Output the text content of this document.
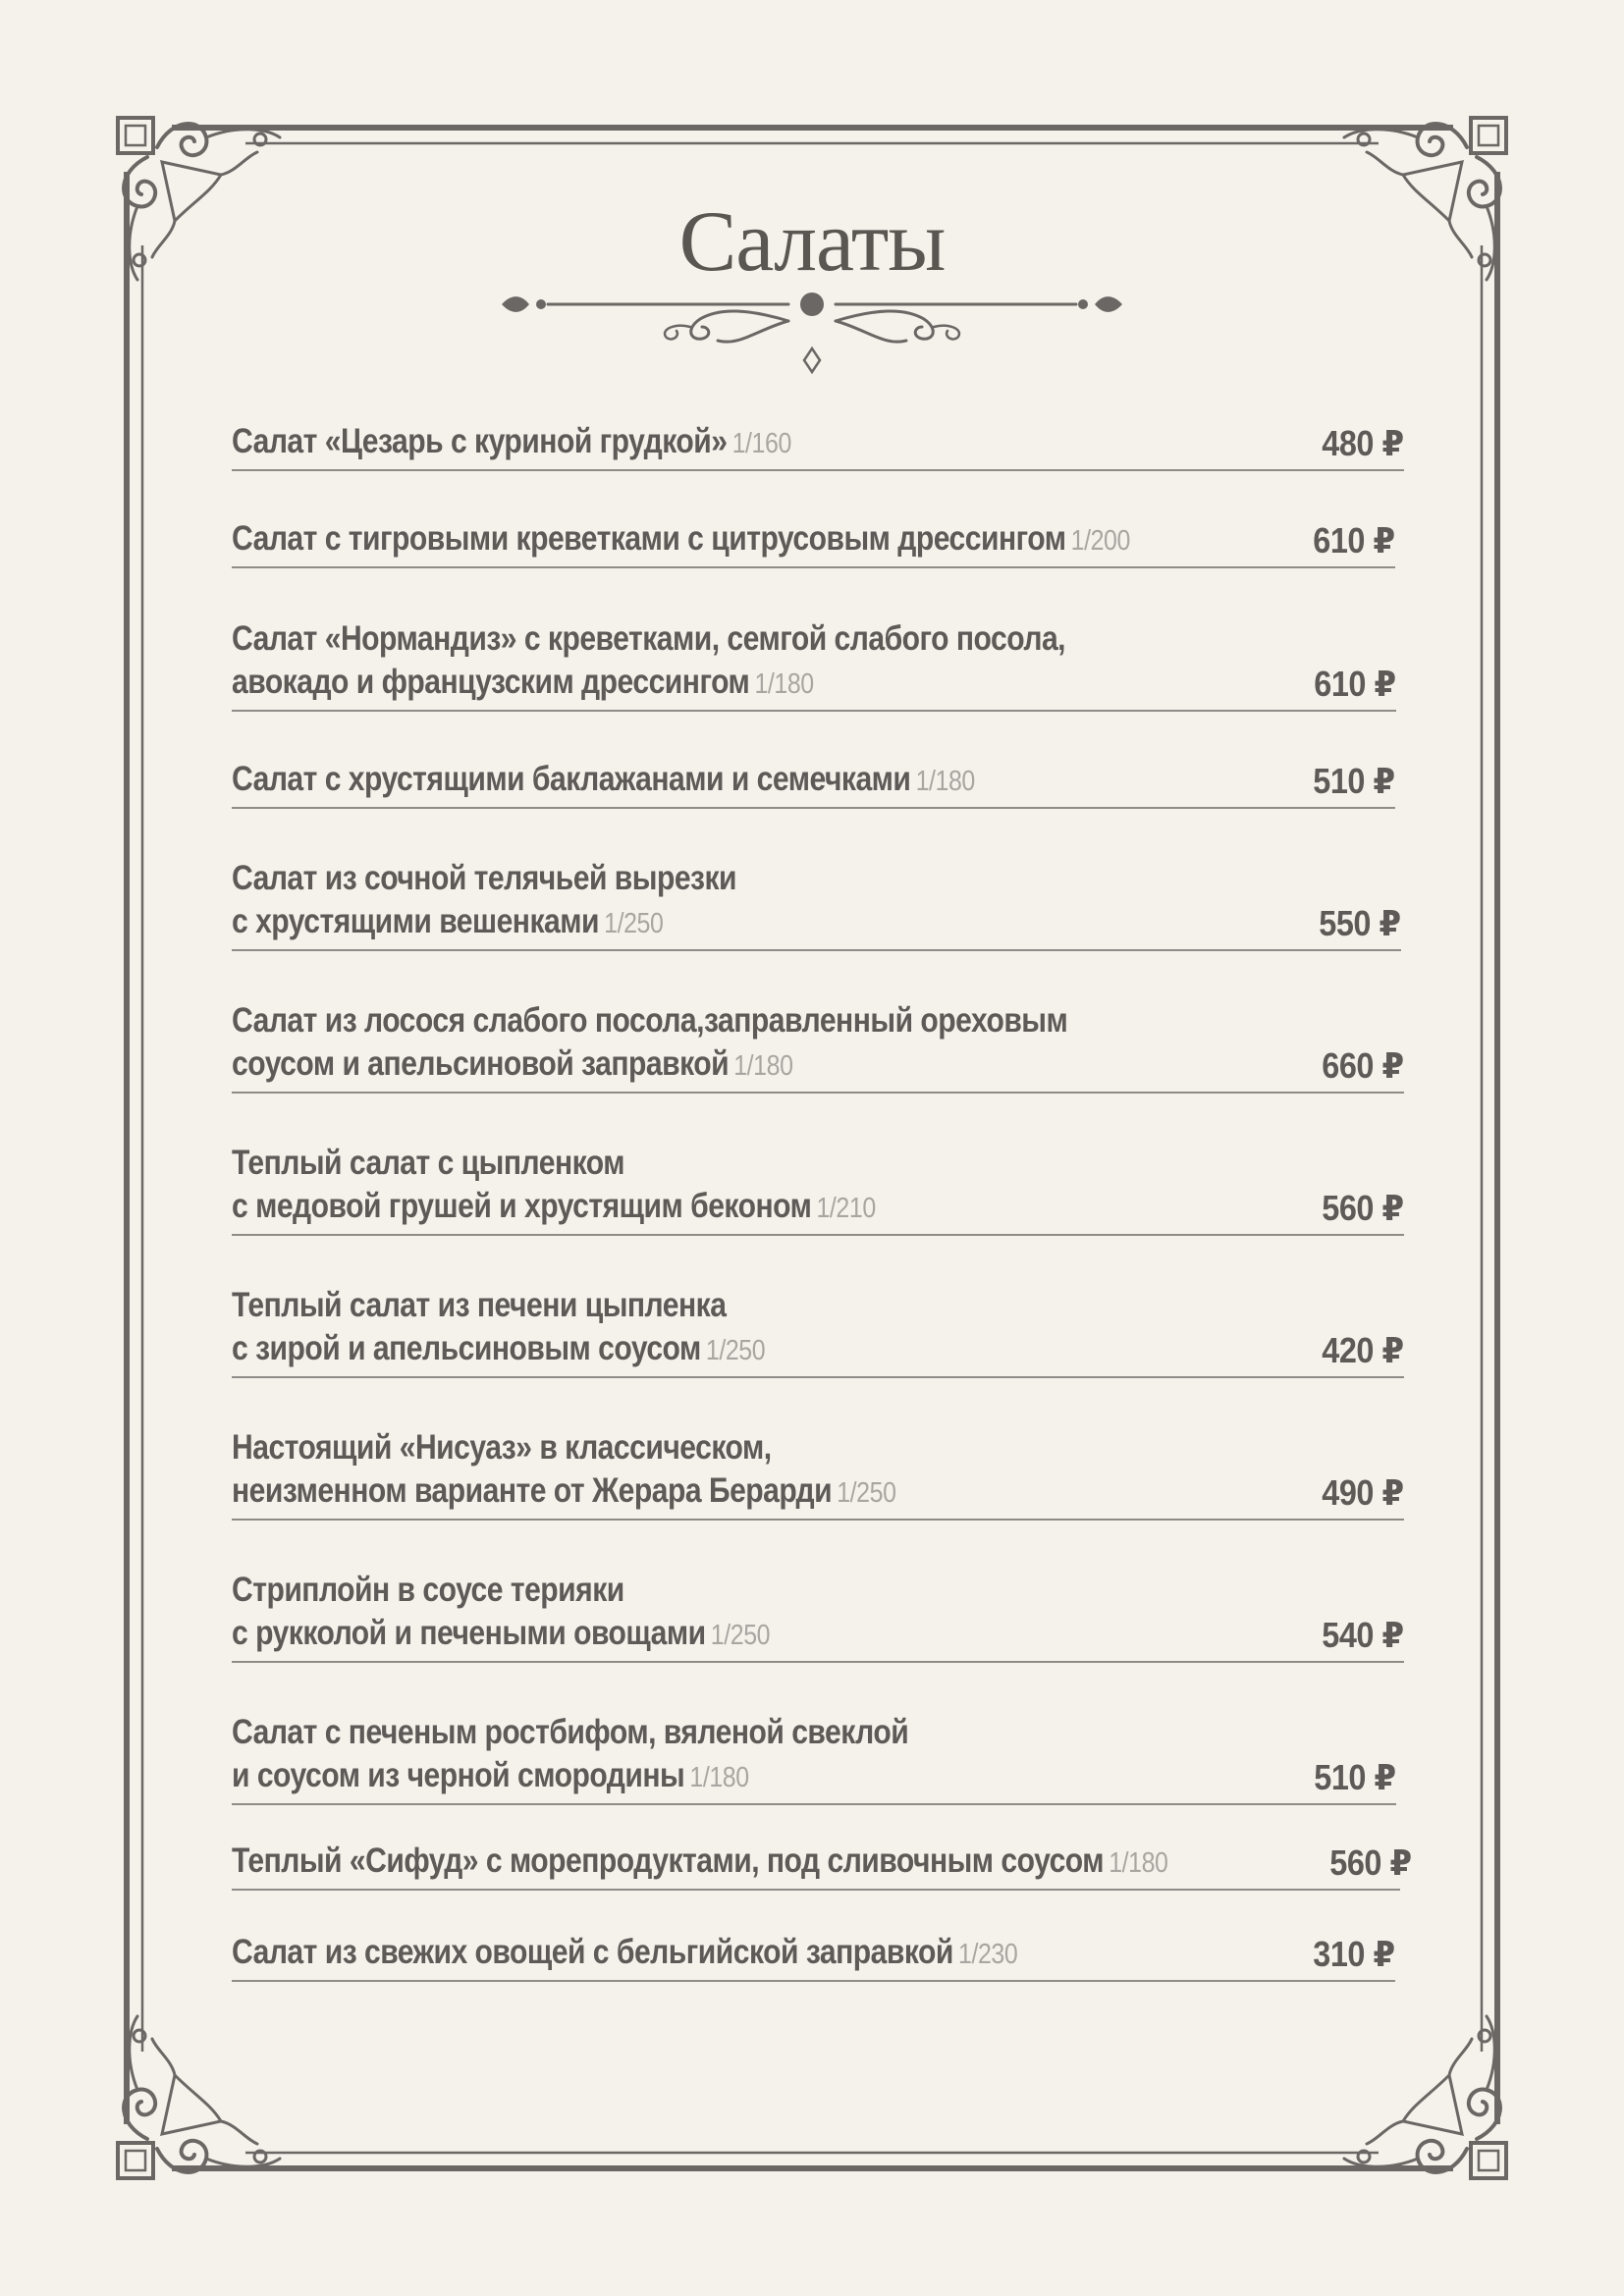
Салаты
Салат «Цезарь с куриной грудкой» 1/160	480 ₽
Салат с тигровыми креветками с цитрусовым дрессингом 1/200	610 ₽
Салат «Нормандиз» с креветками, семгой слабого посола,
авокадо и французским дрессингом 1/180	610 ₽
Салат с хрустящими баклажанами и семечками 1/180	510 ₽
Салат из сочной телячьей вырезки
с хрустящими вешенками 1/250	550 ₽
Салат из лосося слабого посола,заправленный ореховым
соусом и апельсиновой заправкой 1/180	660 ₽
Теплый салат с цыпленком
с медовой грушей и хрустящим беконом 1/210	560 ₽
Теплый салат из печени цыпленка
с зирой и апельсиновым соусом 1/250	420 ₽
Настоящий «Нисуаз» в классическом,
неизменном варианте от Жерара Берарди 1/250	490 ₽
Стриплойн в соусе терияки
с рукколой и печеными овощами 1/250	540 ₽
Салат с печеным ростбифом, вяленой свеклой
и соусом из черной смородины 1/180	510 ₽
Теплый «Сифуд» с морепродуктами, под сливочным соусом 1/180	560 ₽
Салат из свежих овощей с бельгийской заправкой 1/230	310 ₽
